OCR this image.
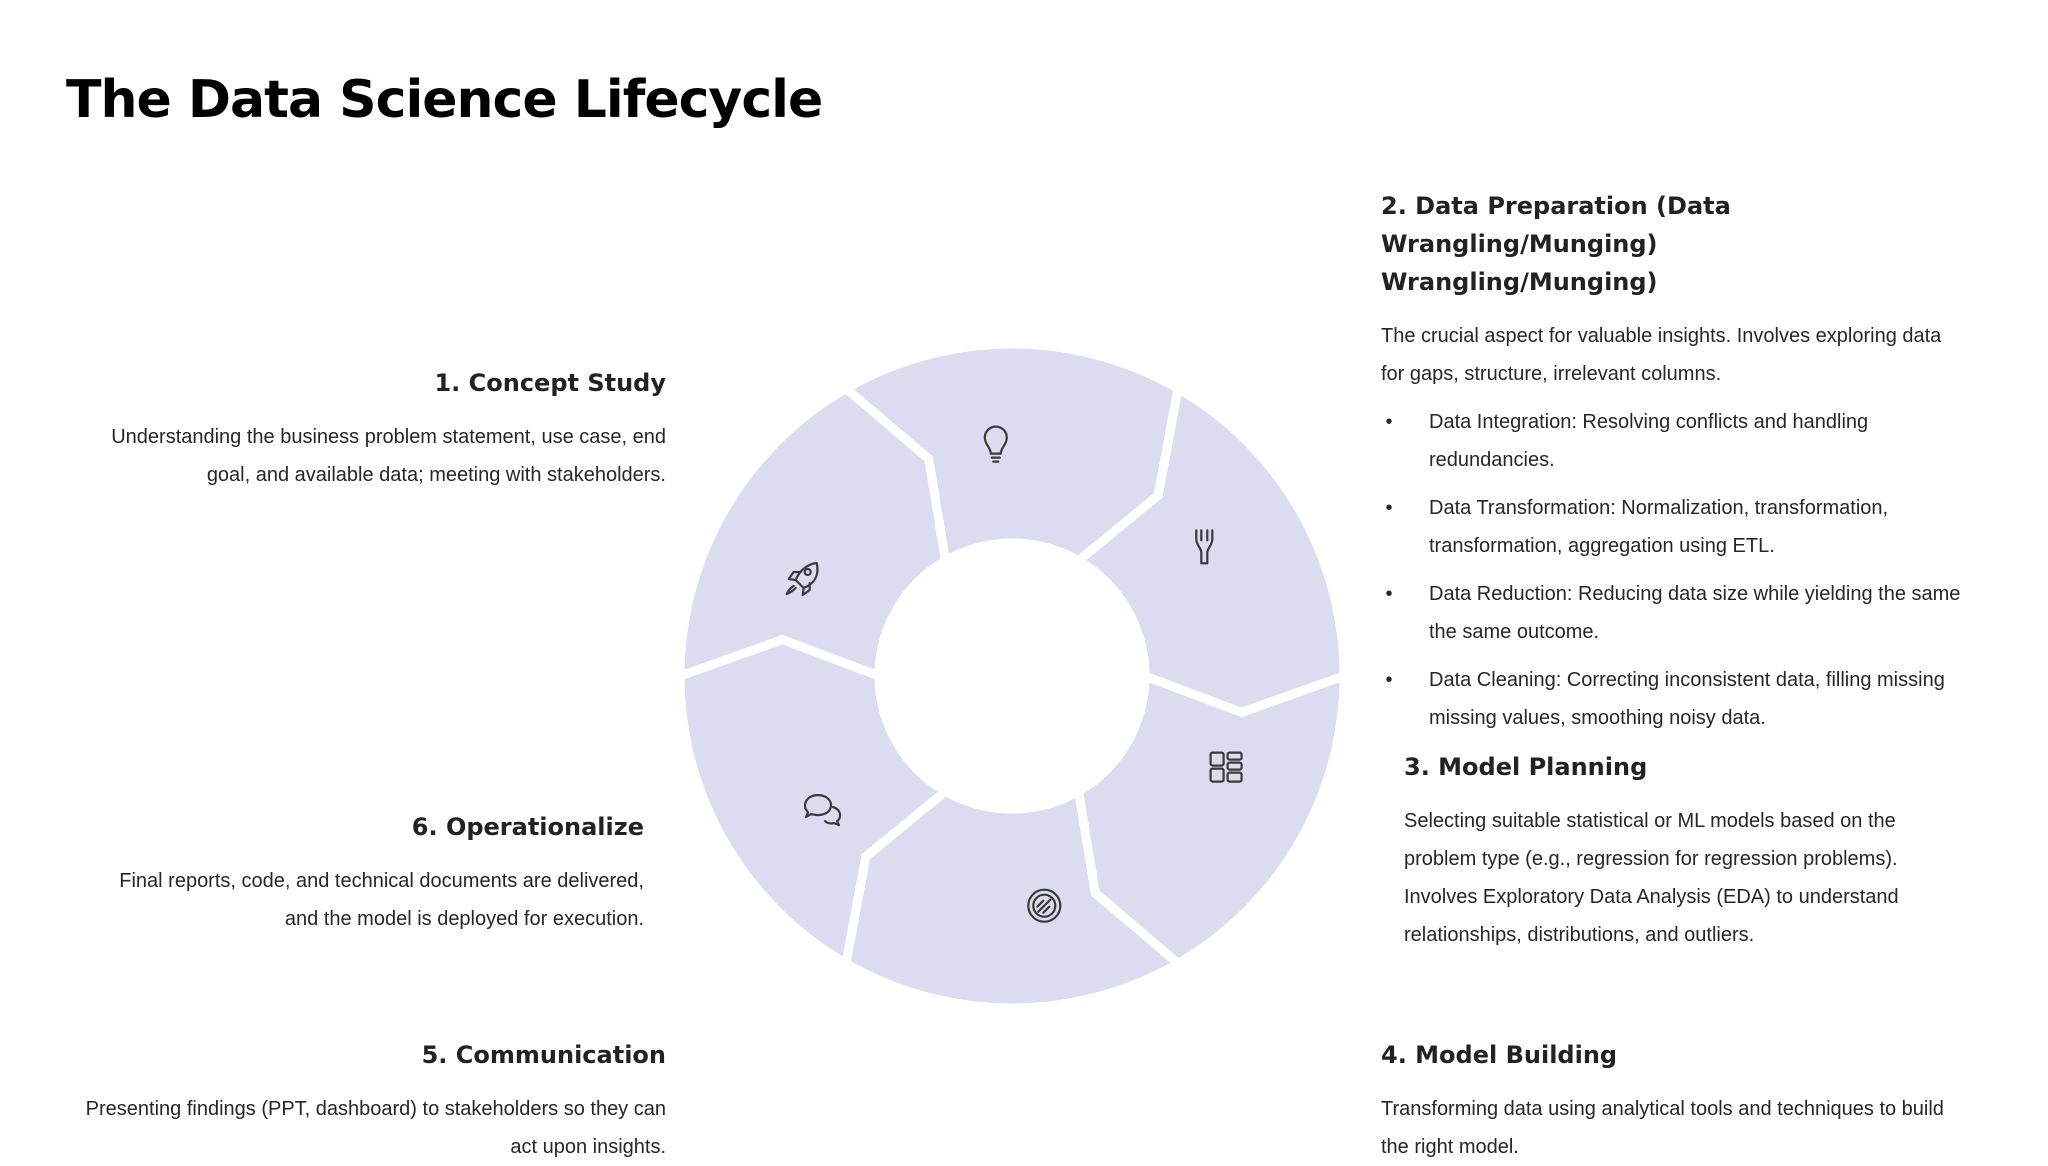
The Data Science Lifecycle
1. Concept Study

Understanding the business problem statement, use case, end

goal, and available data; meeting with stakeholders.

6. Operationalize

Final reports, code, and technical documents are delivered,

and the model is deployed for execution.

5. Communication

Presenting findings (PPT, dashboard) to stakeholders so they can

act upon insights.

2. Data Preparation (Data Wrangling/Munging)
Wrangling/Munging)

The crucial aspect for valuable insights. Involves exploring data

for gaps, structure, irrelevant columns.

• Data Integration: Resolving conflicts and handling
redundancies.
• Data Transformation: Normalization, transformation,
transformation, aggregation using ETL.
• Data Reduction: Reducing data size while yielding the same
the same outcome.
• Data Cleaning: Correcting inconsistent data, filling missing
missing values, smoothing noisy data.
3. Model Planning

Selecting suitable statistical or ML models based on the

problem type (e.g., regression for regression problems).

Involves Exploratory Data Analysis (EDA) to understand

relationships, distributions, and outliers.

4. Model Building

Transforming data using analytical tools and techniques to build

the right model.
